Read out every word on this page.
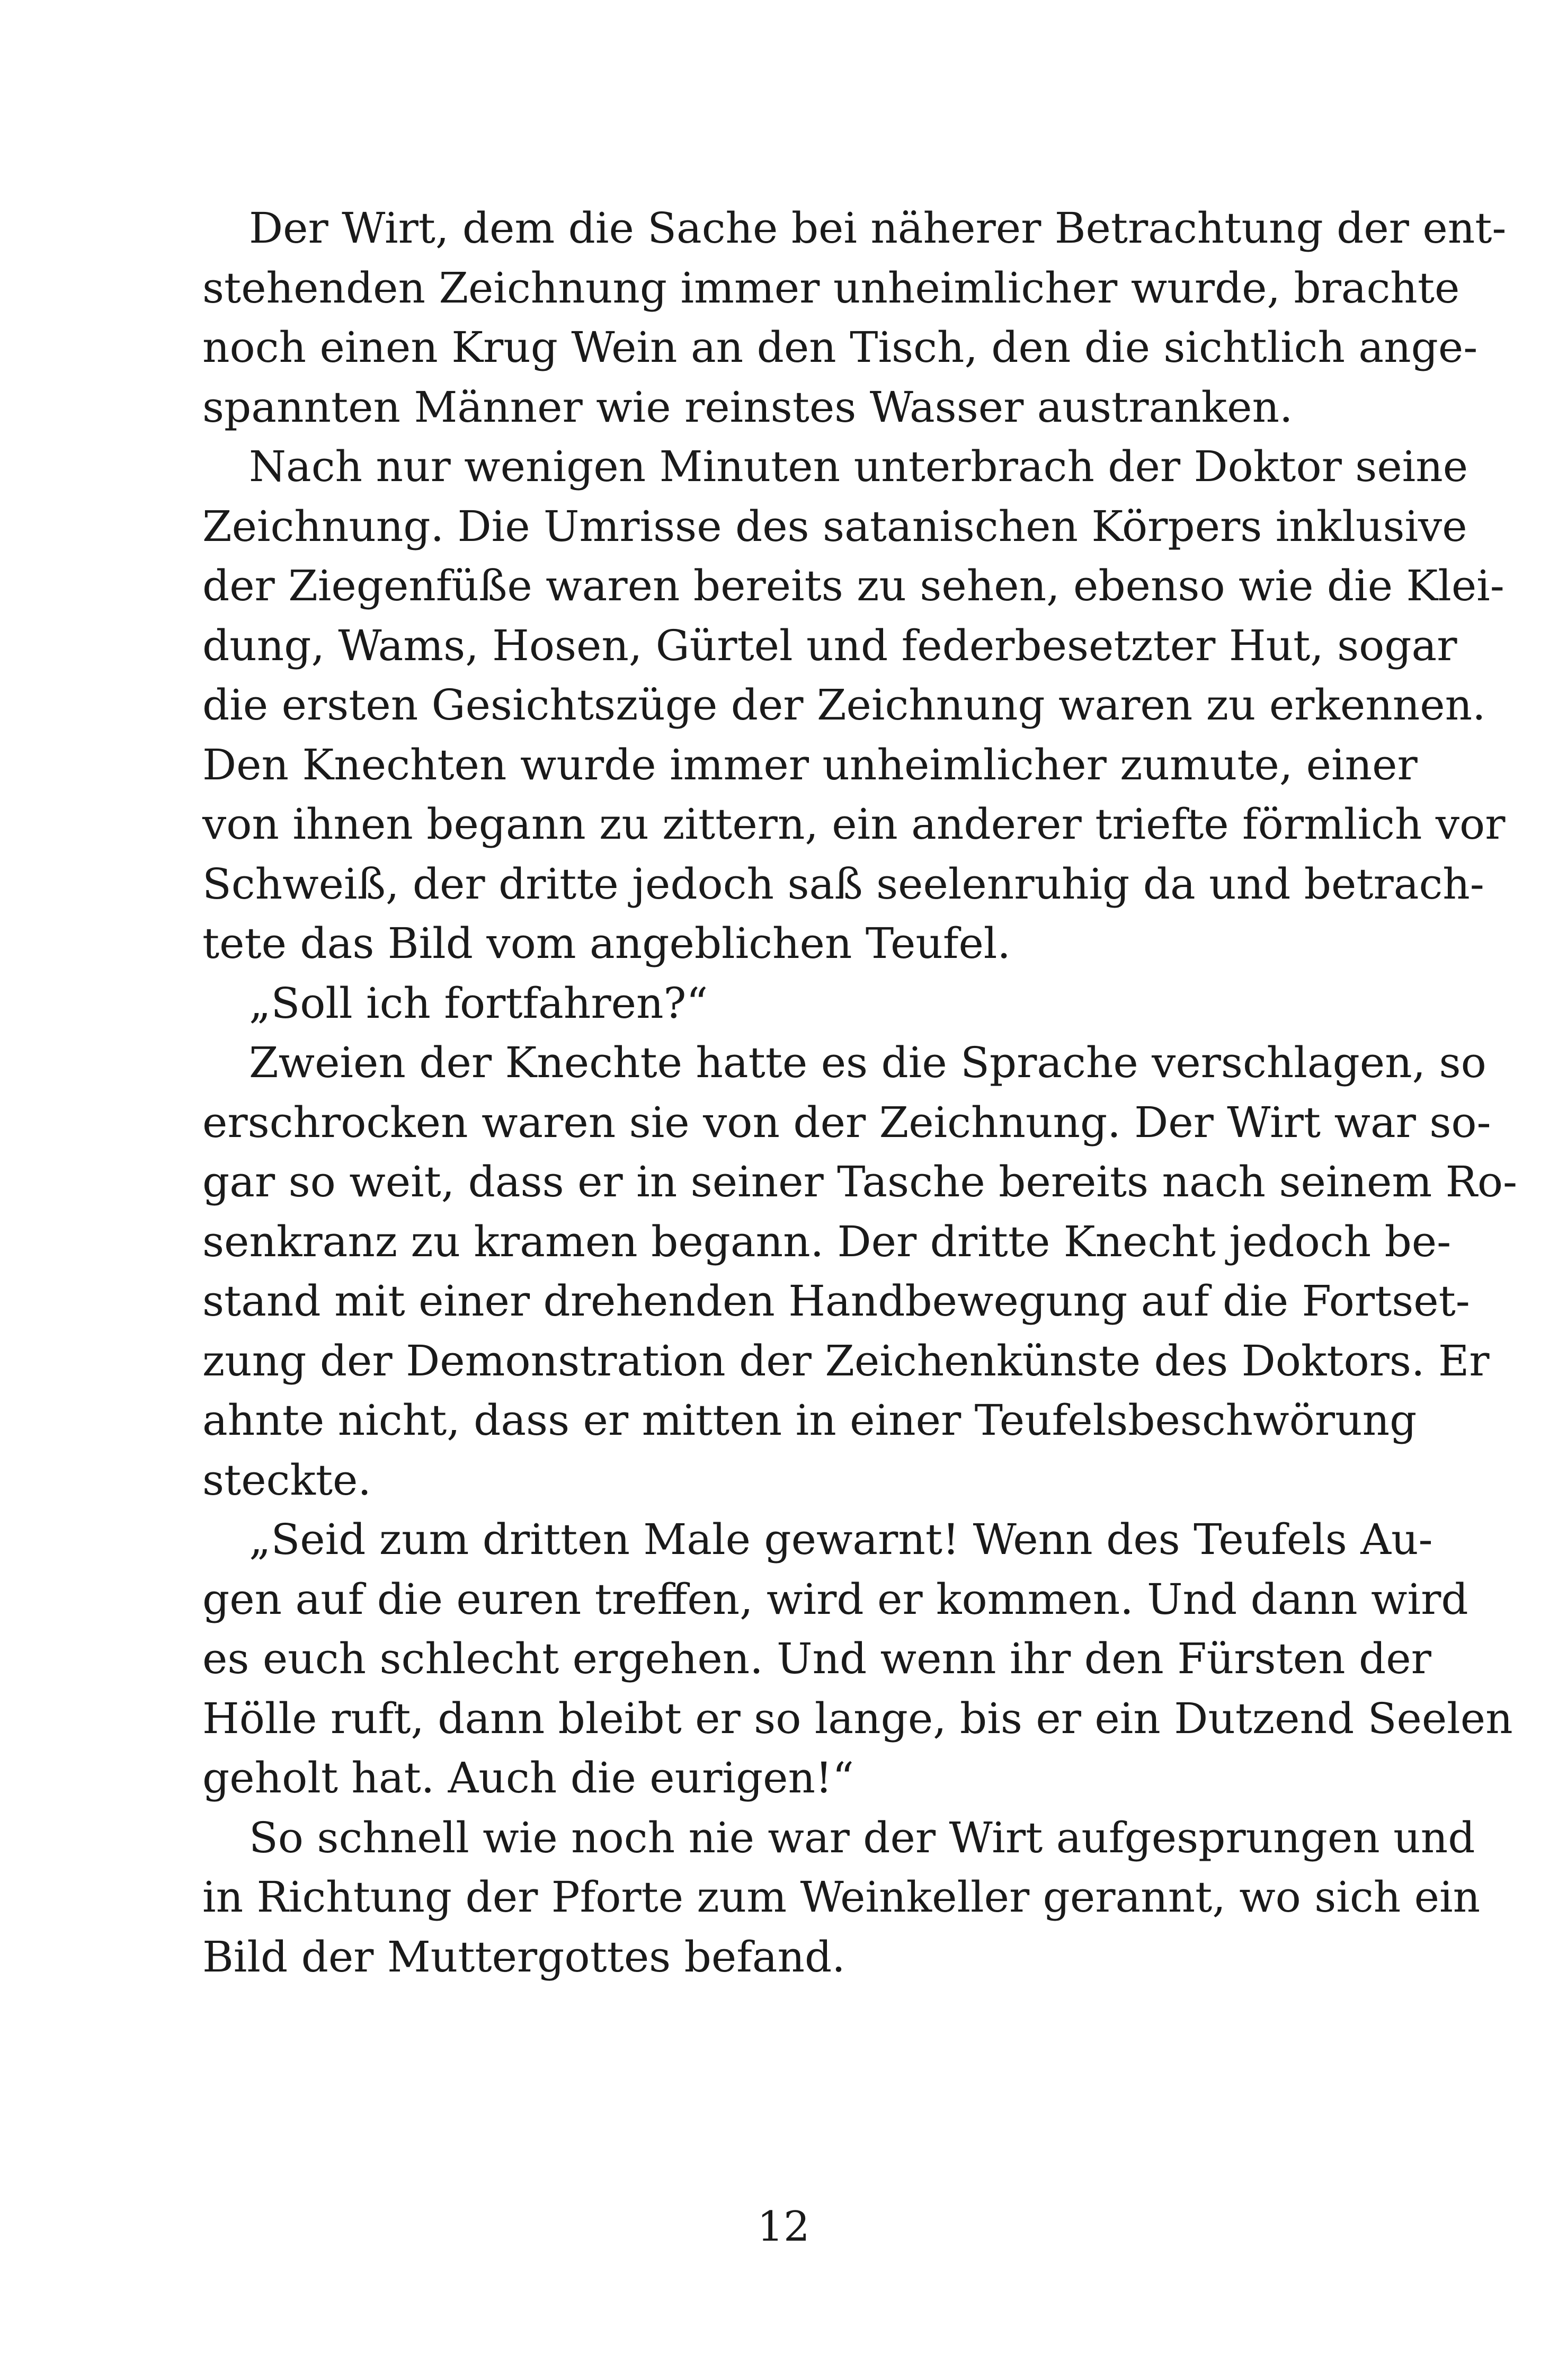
Der Wirt, dem die Sache bei näherer Betrachtung der ent-
stehenden Zeichnung immer unheimlicher wurde, brachte
noch einen Krug Wein an den Tisch, den die sichtlich ange-
spannten Männer wie reinstes Wasser austranken.
Nach nur wenigen Minuten unterbrach der Doktor seine
Zeichnung. Die Umrisse des satanischen Körpers inklusive
der Ziegenfüße waren bereits zu sehen, ebenso wie die Klei-
dung, Wams, Hosen, Gürtel und federbesetzter Hut, sogar
die ersten Gesichtszüge der Zeichnung waren zu erkennen.
Den Knechten wurde immer unheimlicher zumute, einer
von ihnen begann zu zittern, ein anderer triefte förmlich vor
Schweiß, der dritte jedoch saß seelenruhig da und betrach-
tete das Bild vom angeblichen Teufel.
„Soll ich fortfahren?“
Zweien der Knechte hatte es die Sprache verschlagen, so
erschrocken waren sie von der Zeichnung. Der Wirt war so-
gar so weit, dass er in seiner Tasche bereits nach seinem Ro-
senkranz zu kramen begann. Der dritte Knecht jedoch be-
stand mit einer drehenden Handbewegung auf die Fortset-
zung der Demonstration der Zeichenkünste des Doktors. Er
ahnte nicht, dass er mitten in einer Teufelsbeschwörung
steckte.
„Seid zum dritten Male gewarnt! Wenn des Teufels Au-
gen auf die euren treffen, wird er kommen. Und dann wird
es euch schlecht ergehen. Und wenn ihr den Fürsten der
Hölle ruft, dann bleibt er so lange, bis er ein Dutzend Seelen
geholt hat. Auch die eurigen!“
So schnell wie noch nie war der Wirt aufgesprungen und
in Richtung der Pforte zum Weinkeller gerannt, wo sich ein
Bild der Muttergottes befand.
12
